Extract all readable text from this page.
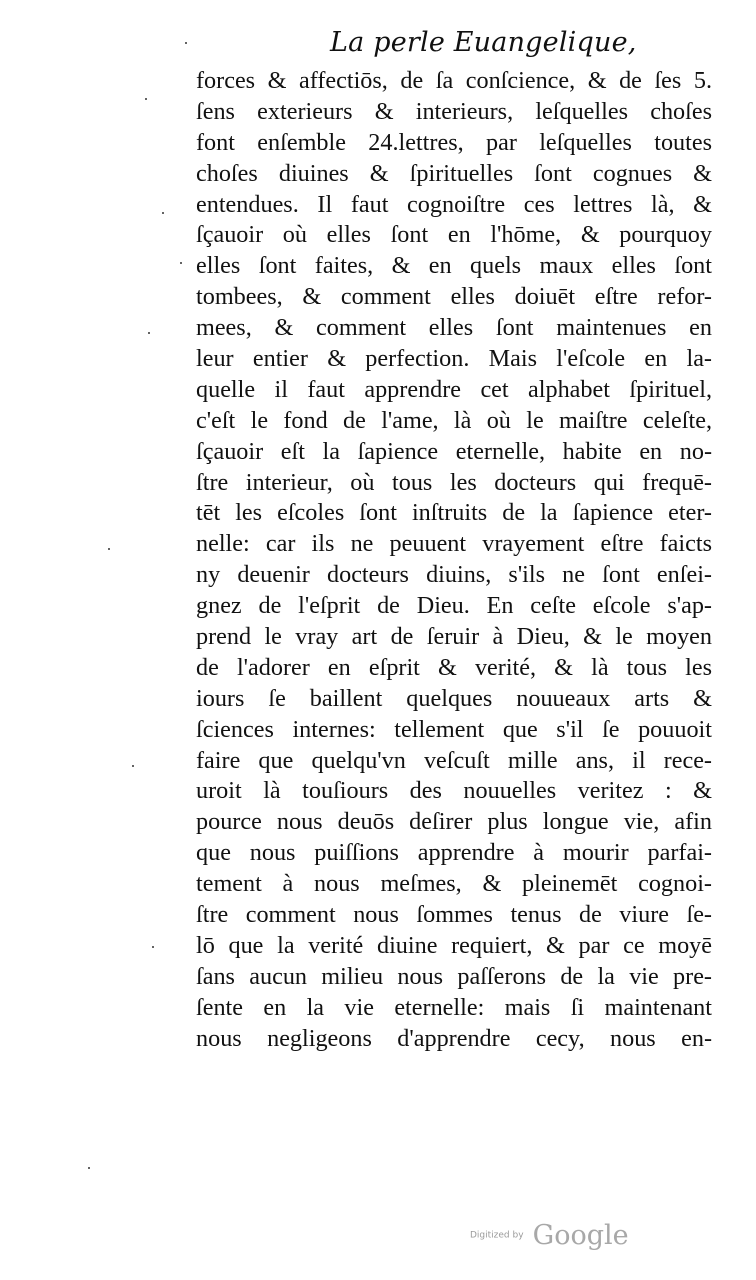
La perle Euangelique,
forces & affectiōs, de ſa conſcience, & de ſes 5.
ſens exterieurs & interieurs, leſquelles choſes
font enſemble 24.lettres, par leſquelles toutes
choſes diuines & ſpirituelles ſont cognues &
entendues. Il faut cognoiſtre ces lettres là, &
ſçauoir où elles ſont en l'hōme, & pourquoy
elles ſont faites, & en quels maux elles ſont
tombees, & comment elles doiuēt eſtre refor-
mees, & comment elles ſont maintenues en
leur entier & perfection. Mais l'eſcole en la-
quelle il faut apprendre cet alphabet ſpirituel,
c'eſt le fond de l'ame, là où le maiſtre celeſte,
ſçauoir eſt la ſapience eternelle, habite en no-
ſtre interieur, où tous les docteurs qui frequē-
tēt les eſcoles ſont inſtruits de la ſapience eter-
nelle: car ils ne peuuent vrayement eſtre faicts
ny deuenir docteurs diuins, s'ils ne ſont enſei-
gnez de l'eſprit de Dieu. En ceſte eſcole s'ap-
prend le vray art de ſeruir à Dieu, & le moyen
de l'adorer en eſprit & verité, & là tous les
iours ſe baillent quelques nouueaux arts &
ſciences internes: tellement que s'il ſe pouuoit
faire que quelqu'vn veſcuſt mille ans, il rece-
uroit là touſiours des nouuelles veritez : &
pource nous deuōs deſirer plus longue vie, afin
que nous puiſſions apprendre à mourir parfai-
tement à nous meſmes, & pleinemēt cognoi-
ſtre comment nous ſommes tenus de viure ſe-
lō que la verité diuine requiert, & par ce moyē
ſans aucun milieu nous paſſerons de la vie pre-
ſente en la vie eternelle: mais ſi maintenant
nous negligeons d'apprendre cecy, nous en-
Digitized by Google
